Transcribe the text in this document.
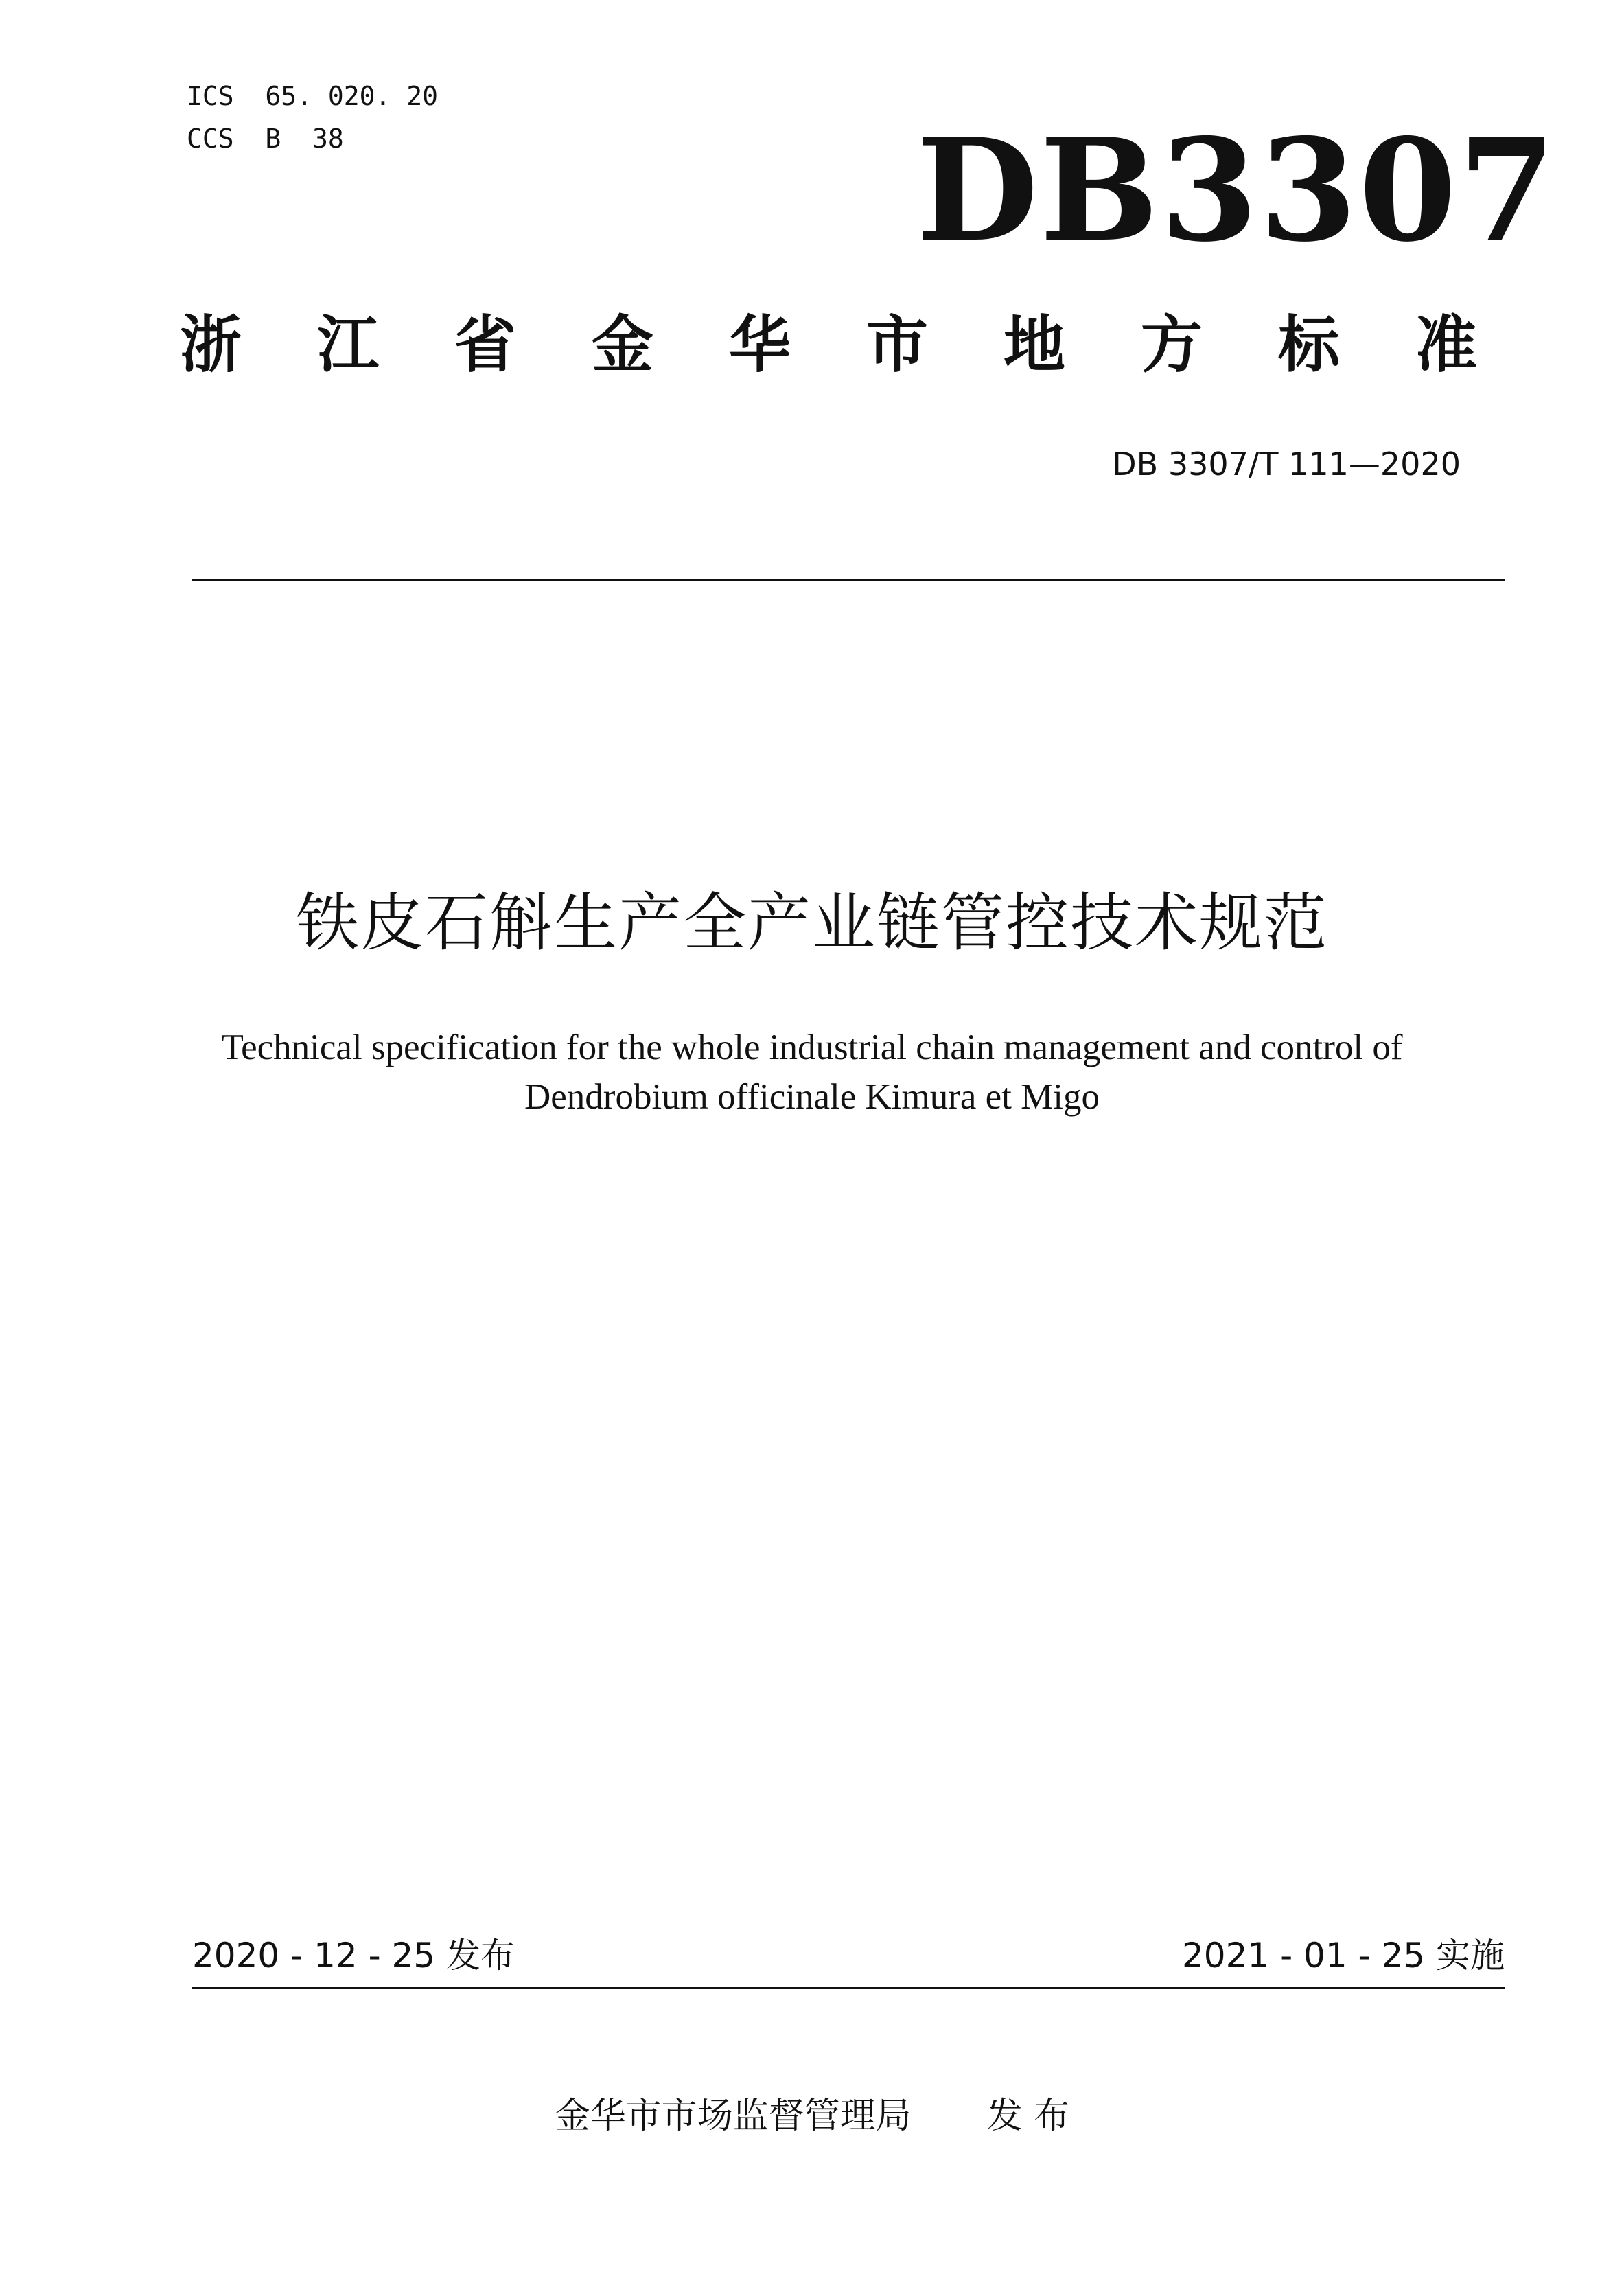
ICS  65. 020. 20
CCS  B  38	DB3307
浙江省金华市地方标准
DB 3307/T 111—2020
铁皮石斛生产全产业链管控技术规范
Technical specification for the whole industrial chain management and control of
Dendrobium officinale Kimura et Migo
2020 - 12 - 25 发布	2021 - 01 - 25 实施
金华市市场监督管理局 发 布
